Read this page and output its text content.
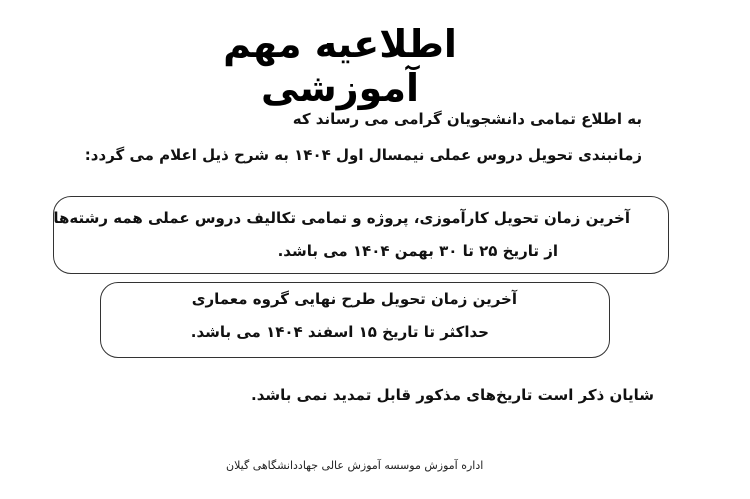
اطلاعیه مهم آموزشی
به اطلاع تمامی دانشجویان گرامی می رساند که
زمانبندی تحویل دروس عملی نیمسال اول ۱۴۰۴ به شرح ذیل اعلام می گردد:
آخرین زمان تحویل کارآموزی، پروژه و تمامی تکالیف دروس عملی همه رشته‌ها
از تاریخ ۲۵ تا ۳۰ بهمن ۱۴۰۴ می باشد.
آخرین زمان تحویل طرح نهایی گروه معماری
حداکثر تا تاریخ ۱۵ اسفند ۱۴۰۴ می باشد.
شایان ذکر است تاریخ‌های مذکور قابل تمدید نمی باشد.
اداره آموزش موسسه آموزش عالی جهاددانشگاهی گیلان
